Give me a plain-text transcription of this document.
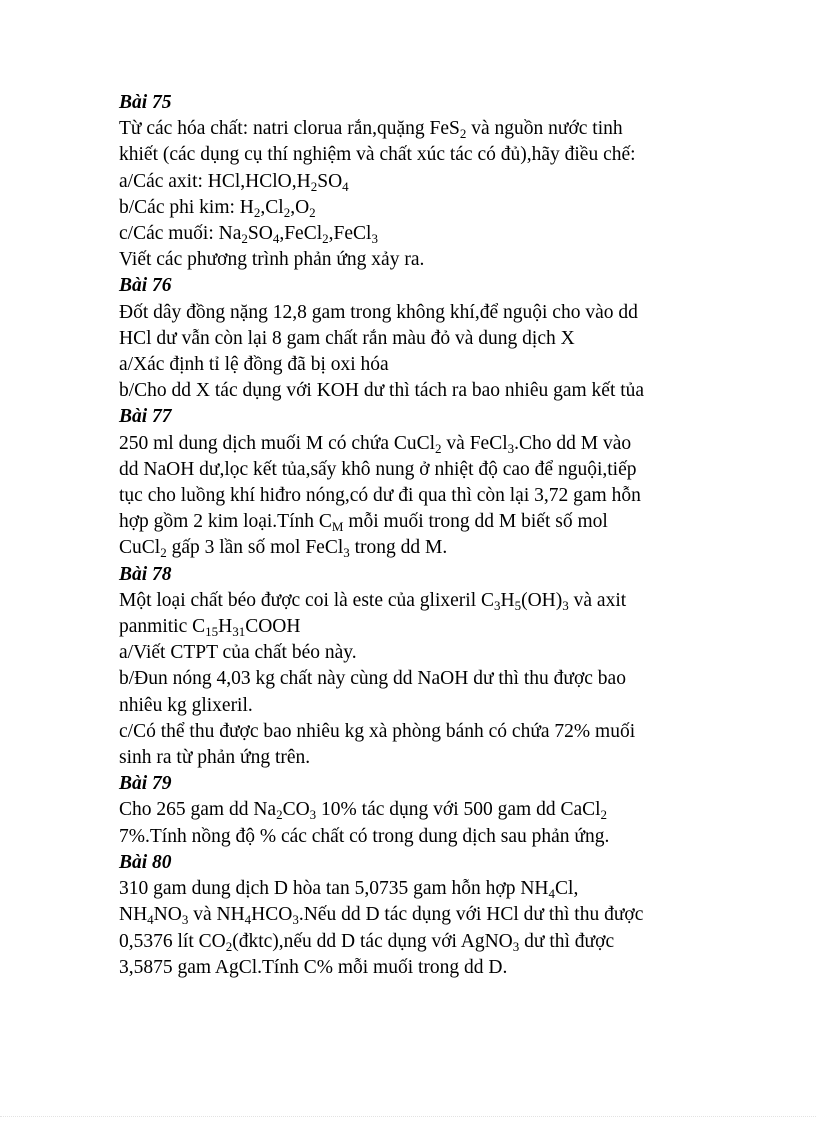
Bài 75
Từ các hóa chất: natri clorua rắn,quặng FeS$_2$ và nguồn nước tinh
khiết (các dụng cụ thí nghiệm và chất xúc tác có đủ),hãy điều chế:
a/Các axit: $HCl,HClO,H_2SO_4$
b/Các phi kim: $H_2,Cl_2,O_2$
c/Các muối: $Na_2SO_4,FeCl_2,FeCl_3$
Viết các phương trình phản ứng xảy ra.
Bài 76
Đốt dây đồng nặng 12,8 gam trong không khí,để nguội cho vào dd
HCl dư vẫn còn lại 8 gam chất rắn màu đỏ và dung dịch X
a/Xác định tỉ lệ đồng đã bị oxi hóa
b/Cho dd X tác dụng với KOH dư thì tách ra bao nhiêu gam kết tủa
Bài 77
250 ml dung dịch muối M có chứa CuCl$_2$ và FeCl$_3$.Cho dd M vào
dd NaOH dư,lọc kết tủa,sấy khô nung ở nhiệt độ cao để nguội,tiếp
tục cho luồng khí hiđro nóng,có dư đi qua thì còn lại 3,72 gam hỗn
hợp gồm 2 kim loại.Tính $C_M$ mỗi muối trong dd M biết số mol
CuCl$_2$ gấp 3 lần số mol FeCl$_3$ trong dd M.
Bài 78
Một loại chất béo được coi là este của glixeril $C_3H_5(OH)_3$ và axit
panmitic $C_{15}H_{31}COOH$
a/Viết CTPT của chất béo này.
b/Đun nóng 4,03 kg chất này cùng dd NaOH dư thì thu được bao
nhiêu kg glixeril.
c/Có thể thu được bao nhiêu kg xà phòng bánh có chứa 72% muối
sinh ra từ phản ứng trên.
Bài 79
Cho 265 gam dd $Na_2CO_3$ 10% tác dụng với 500 gam dd CaCl$_2$
7%.Tính nồng độ % các chất có trong dung dịch sau phản ứng.
Bài 80
310 gam dung dịch D hòa tan 5,0735 gam hỗn hợp $NH_4Cl$,
$NH_4NO_3$ và $NH_4HCO_3.Nếu$ dd D tác dụng với HCl dư thì thu được
0,5376 lít $CO_2(đktc),nếu$ dd D tác dụng với AgNO$_3$ dư thì được
3,5875 gam AgCl.Tính C% mỗi muối trong dd D.
